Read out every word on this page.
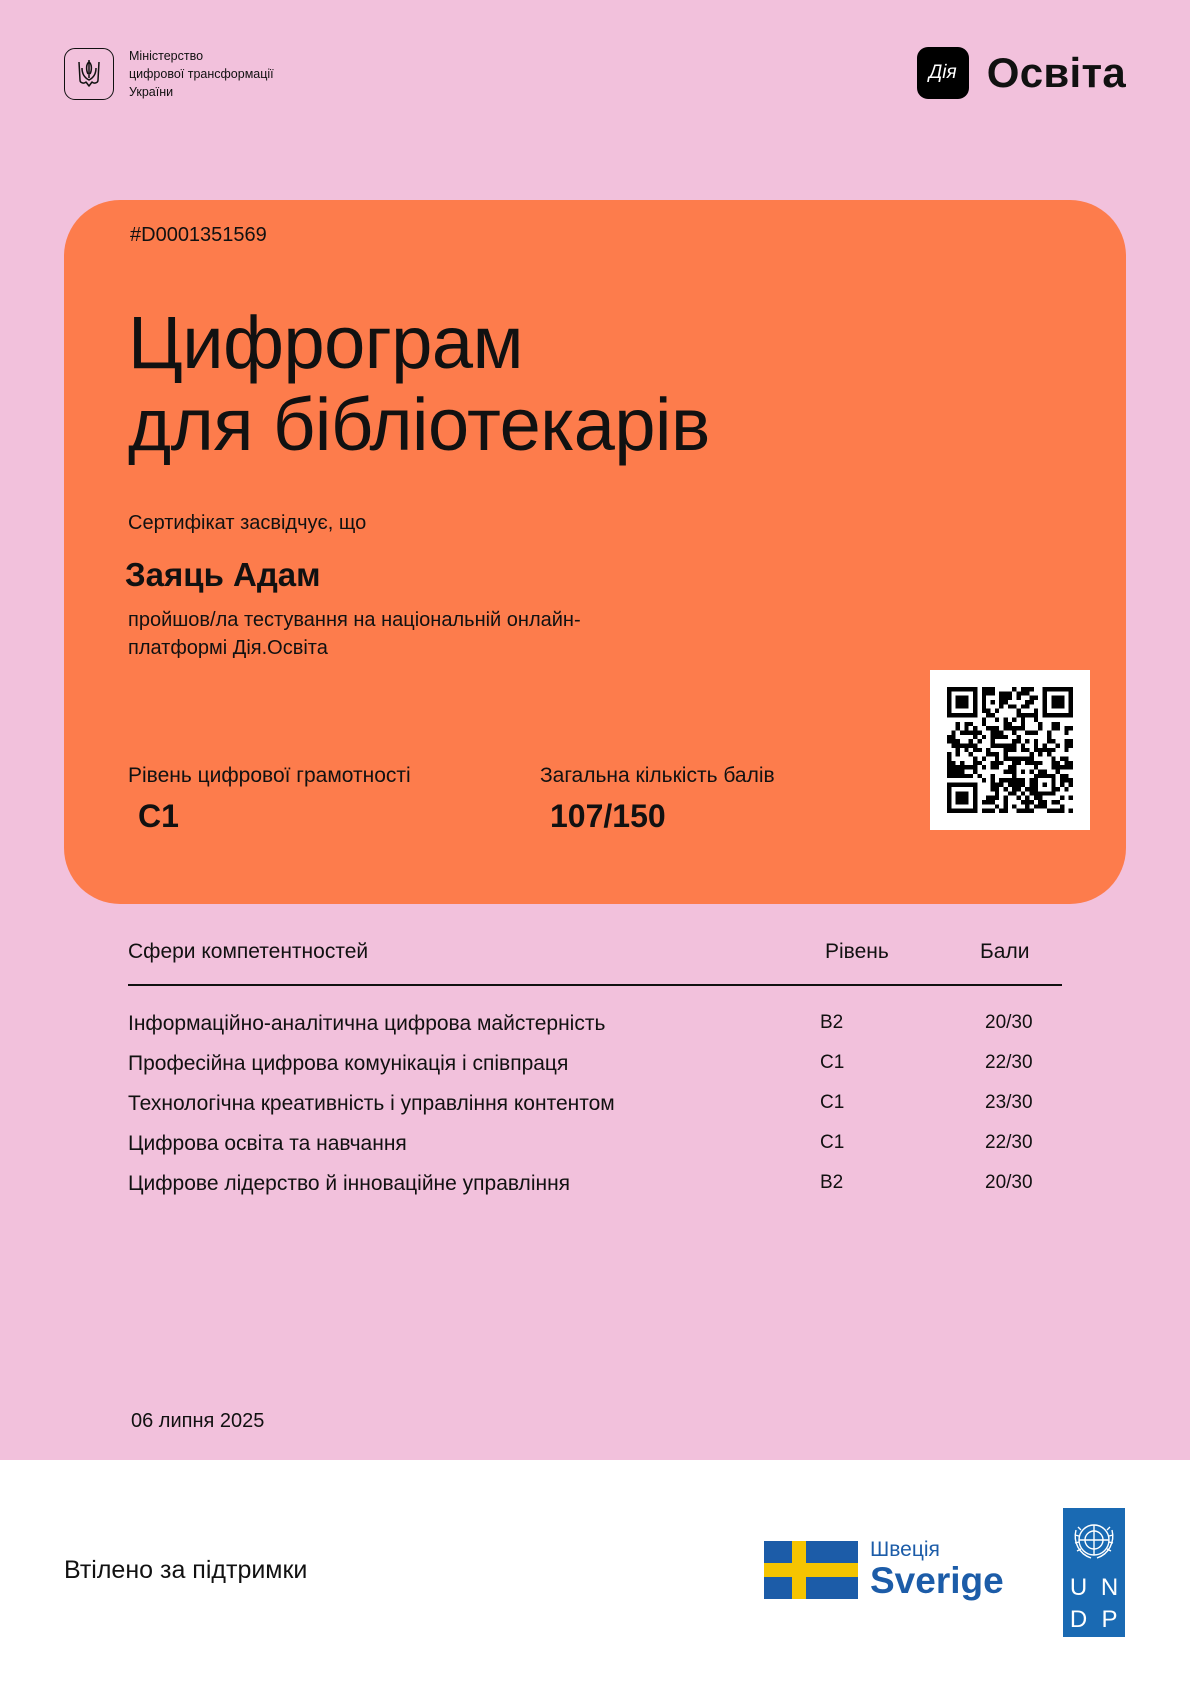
Міністерство
цифрової трансформації
України
Дія Освіта
#D0001351569
Цифрограм
для бібліотекарів
Сертифікат засвідчує, що
Заяць Адам
пройшов/ла тестування на національній онлайн-
платформі Дія.Освіта
Рівень цифрової грамотності
C1
Загальна кількість балів
107/150
Сфери компетентностей	Рівень	Бали
Інформаційно-аналітична цифрова майстерність	B2	20/30
Професійна цифрова комунікація і співпраця	C1	22/30
Технологічна креативність і управління контентом	C1	23/30
Цифрова освіта та навчання	C1	22/30
Цифрове лідерство й інноваційне управління	B2	20/30
06 липня 2025
Втілено за підтримки
Швеція
Sverige	U N
D P
